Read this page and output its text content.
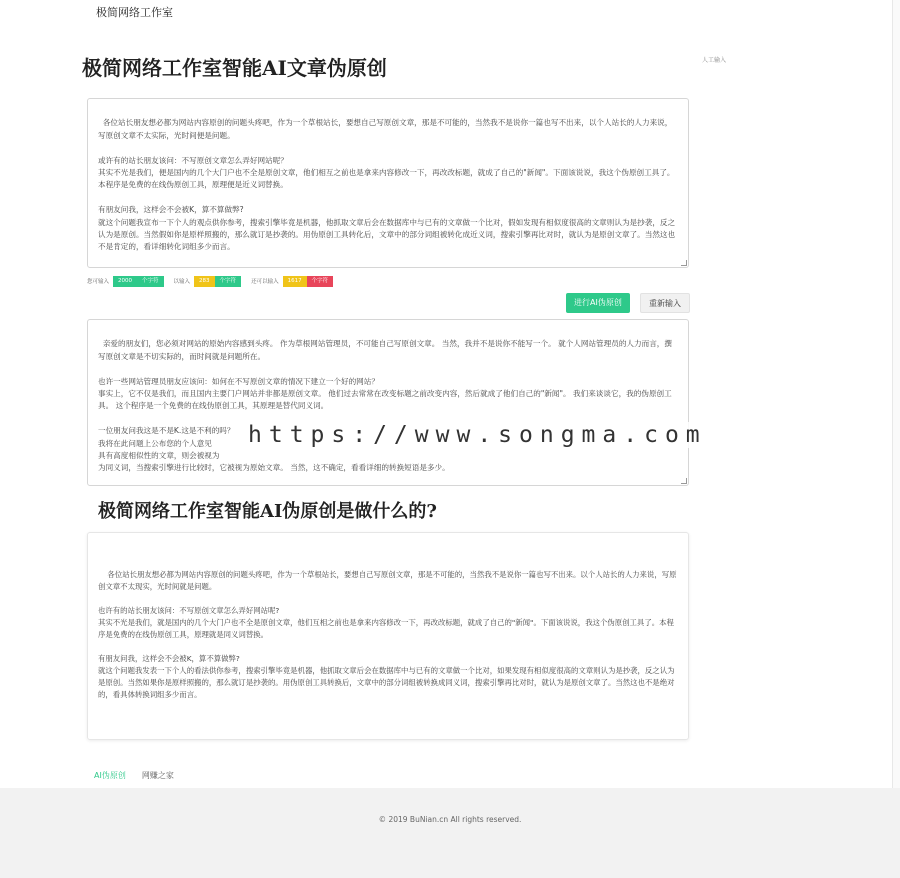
极简网络工作室
极简网络工作室智能AI文章伪原创	人工输入

各位站长朋友想必都为网站内容原创的问题头疼吧，作为一个草根站长，要想自己写原创文章，那是不可能的，当然我不是说你一篇也写不出来，以个人站长的人力来说，写原创文章不太实际，光时间便是问题。

或许有的站长朋友该问：不写原创文章怎么弄好网站呢？
其实不光是我们，便是国内的几个大门户也不全是原创文章，他们相互之前也是拿来内容修改一下，再改改标题，就成了自己的"新闻"。下面该说说，我这个伪原创工具了。本程序是免费的在线伪原创工具，原理便是近义词替换。

有朋友问我，这样会不会被K，算不算做弊?
就这个问题我宣布一下个人的观点供你参考，搜索引擎毕竟是机器，他抓取文章后会在数据库中与已有的文章做一个比对，假如发现有相似度很高的文章则认为是抄袭，反之认为是原创。当然假如你是原样照搬的，那么就订是抄袭的。用伪原创工具转化后，文章中的部分词组被转化成近义词，搜索引擎再比对时，就认为是原创文章了。当然这也不是肯定的，看详细转化词组多少而言。

您可输入	2000	个字符	以输入	283	个字符	还可以输入	1617	个字符
进行AI伪原创	重新输入

亲爱的朋友们，您必须对网站的原始内容感到头疼。 作为草根网站管理员，不可能自己写原创文章。 当然，我并不是说你不能写一个。 就个人网站管理员的人力而言，撰写原创文章是不切实际的，而时间就是问题所在。

也许一些网站管理员朋友应该问：如何在不写原创文章的情况下建立一个好的网站？
事实上，它不仅是我们，而且国内主要门户网站并非都是原创文章。 他们过去常常在改变标题之前改变内容，然后就成了他们自己的"新闻"。 我们来谈谈它，我的伪原创工具。 这个程序是一个免费的在线伪原创工具，其原理是替代同义词。

一位朋友问我这是不是K.这是不利的吗？
我将在此问题上公布您的个人意见
具有高度相似性的文章，则会被视为
为同义词，当搜索引擎进行比较时，它被视为原始文章。 当然，这不确定，看看详细的转换短语是多少。

https://www.songma.com
极简网络工作室智能AI伪原创是做什么的?

各位站长朋友想必都为网站内容原创的问题头疼吧，作为一个草根站长，要想自己写原创文章，那是不可能的，当然我不是说你一篇也写不出来。以个人站长的人力来说，写原创文章不太现实，光时间就是问题。

也许有的站长朋友该问：不写原创文章怎么弄好网站呢?
其实不光是我们，就是国内的几个大门户也不全是原创文章，他们互相之前也是拿来内容修改一下，再改改标题，就成了自己的"新闻"。下面该说说，我这个伪原创工具了。本程序是免费的在线伪原创工具，原理就是同义词替换。

有朋友问我，这样会不会被K，算不算做弊?
就这个问题我发表一下个人的看法供你参考，搜索引擎毕竟是机器，他抓取文章后会在数据库中与已有的文章做一个比对，如果发现有相似度很高的文章则认为是抄袭，反之认为是原创。当然如果你是原样照搬的，那么就订是抄袭的。用伪原创工具转换后，文章中的部分词组被转换成同义词，搜索引擎再比对时，就认为是原创文章了。当然这也不是绝对的，看具体转换词组多少而言。

AI伪原创 网赚之家
© 2019 BuNian.cn All rights reserved.
